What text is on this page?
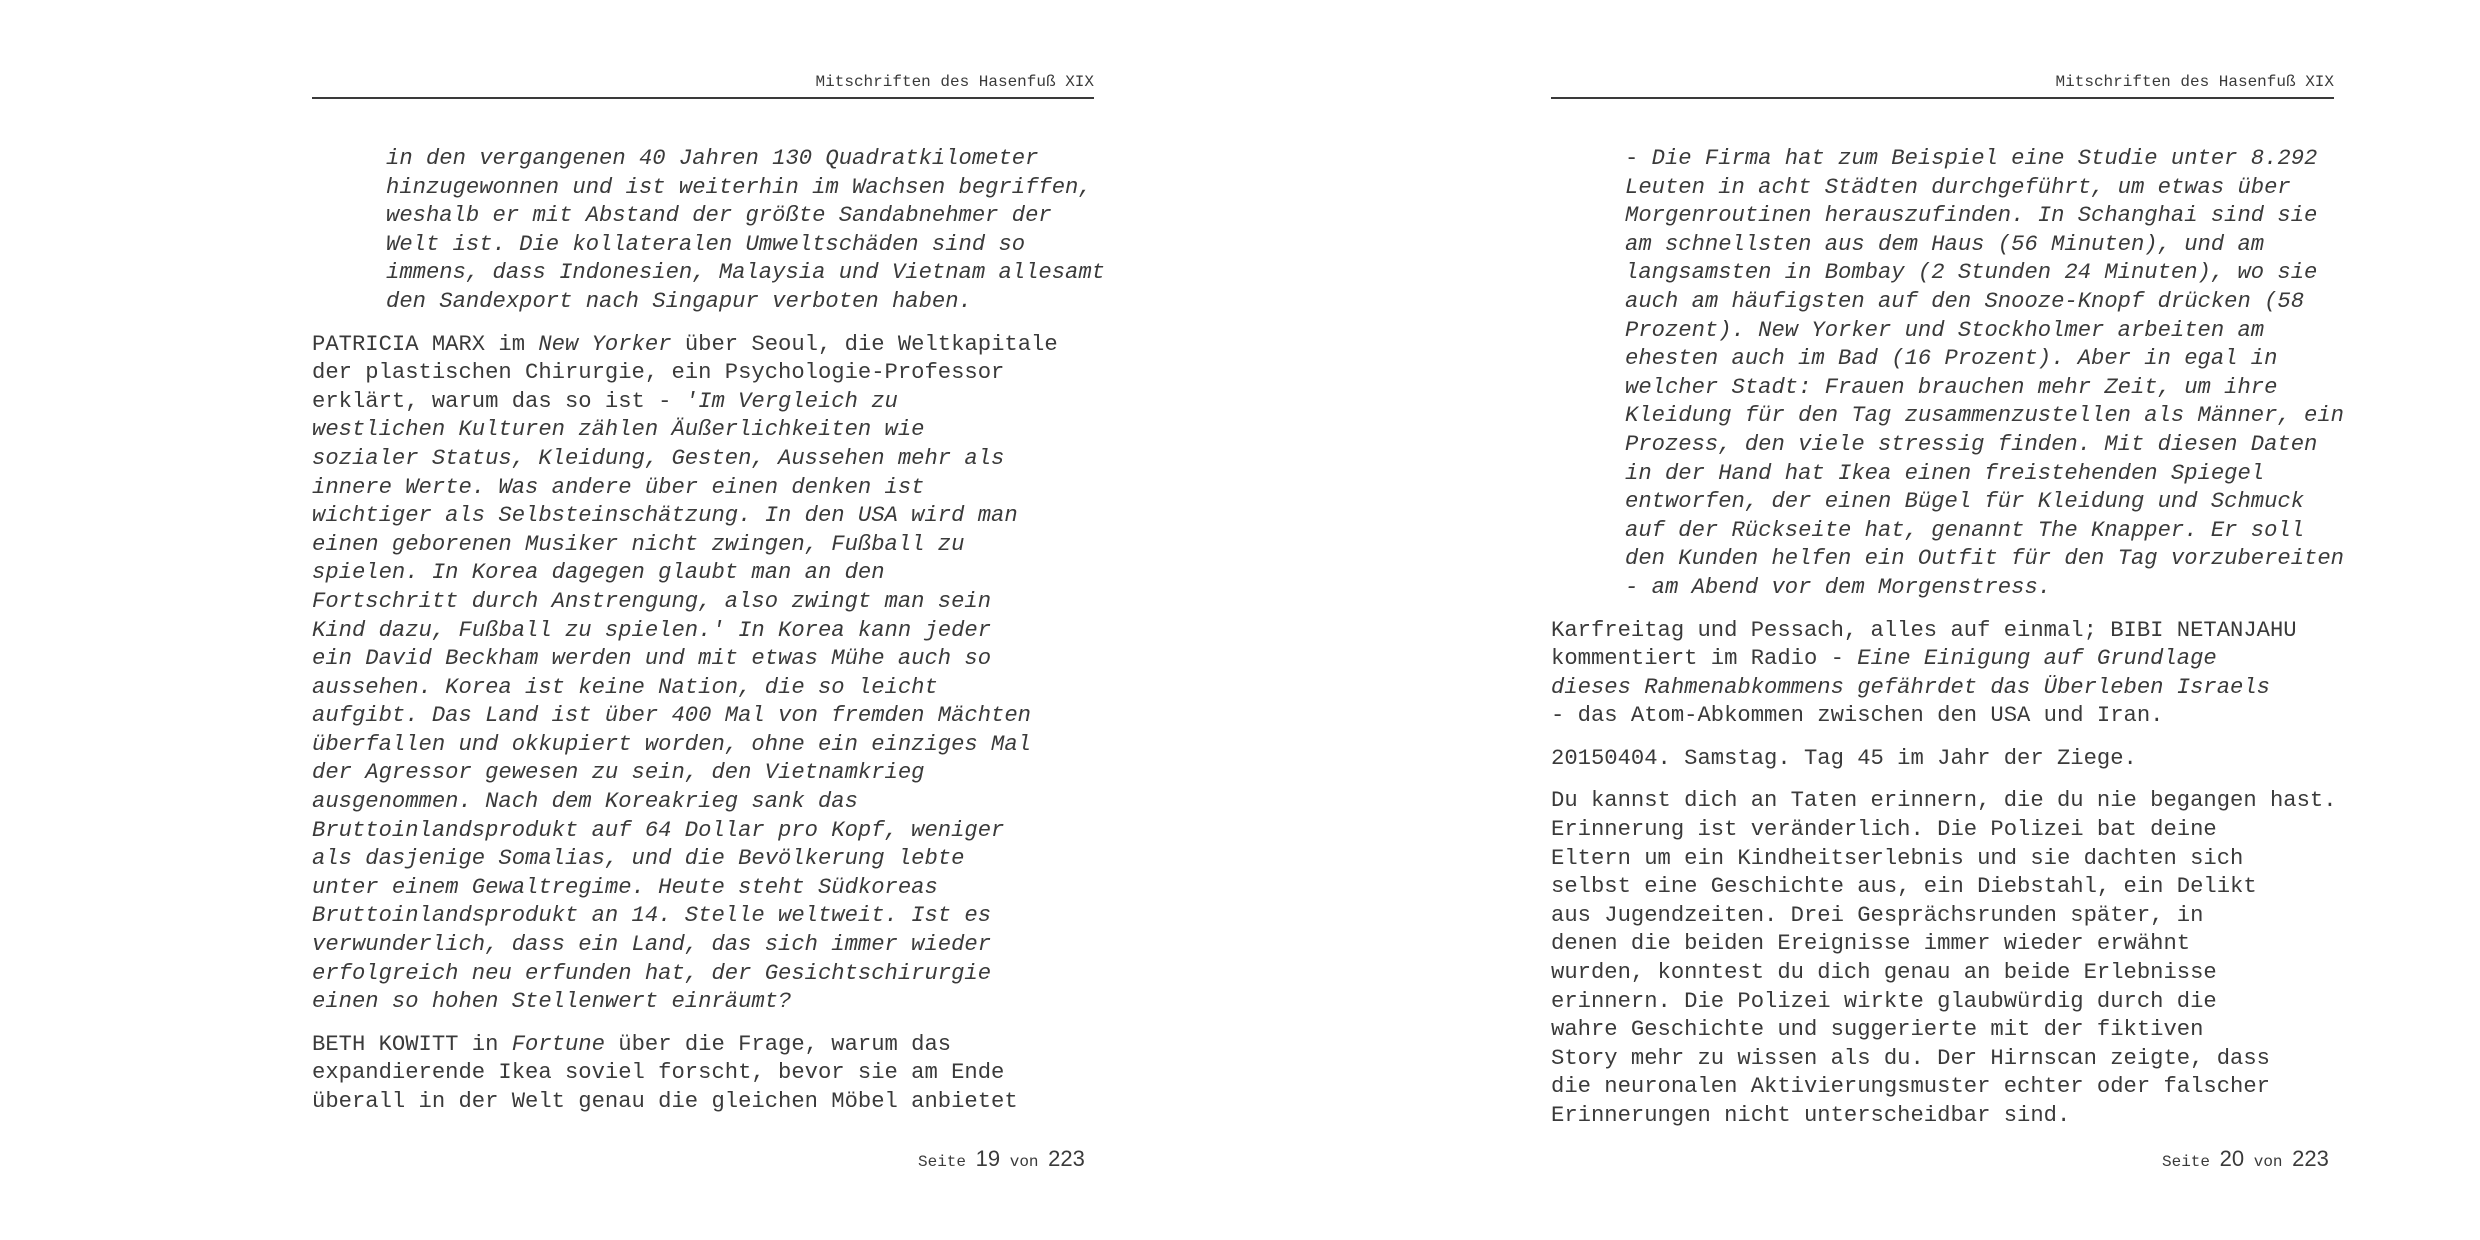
Mitschriften des Hasenfuß XIX
in den vergangenen 40 Jahren 130 Quadratkilometer
hinzugewonnen und ist weiterhin im Wachsen begriffen,
weshalb er mit Abstand der größte Sandabnehmer der
Welt ist. Die kollateralen Umweltschäden sind so
immens, dass Indonesien, Malaysia und Vietnam allesamt
den Sandexport nach Singapur verboten haben.
PATRICIA MARX im New Yorker über Seoul, die Weltkapitale
der plastischen Chirurgie, ein Psychologie-Professor
erklärt, warum das so ist - 'Im Vergleich zu
westlichen Kulturen zählen Äußerlichkeiten wie
sozialer Status, Kleidung, Gesten, Aussehen mehr als
innere Werte. Was andere über einen denken ist
wichtiger als Selbsteinschätzung. In den USA wird man
einen geborenen Musiker nicht zwingen, Fußball zu
spielen. In Korea dagegen glaubt man an den
Fortschritt durch Anstrengung, also zwingt man sein
Kind dazu, Fußball zu spielen.' In Korea kann jeder
ein David Beckham werden und mit etwas Mühe auch so
aussehen. Korea ist keine Nation, die so leicht
aufgibt. Das Land ist über 400 Mal von fremden Mächten
überfallen und okkupiert worden, ohne ein einziges Mal
der Agressor gewesen zu sein, den Vietnamkrieg
ausgenommen. Nach dem Koreakrieg sank das
Bruttoinlandsprodukt auf 64 Dollar pro Kopf, weniger
als dasjenige Somalias, und die Bevölkerung lebte
unter einem Gewaltregime. Heute steht Südkoreas
Bruttoinlandsprodukt an 14. Stelle weltweit. Ist es
verwunderlich, dass ein Land, das sich immer wieder
erfolgreich neu erfunden hat, der Gesichtschirurgie
einen so hohen Stellenwert einräumt?
BETH KOWITT in Fortune über die Frage, warum das
expandierende Ikea soviel forscht, bevor sie am Ende
überall in der Welt genau die gleichen Möbel anbietet
Seite 19 von 223
Mitschriften des Hasenfuß XIX
- Die Firma hat zum Beispiel eine Studie unter 8.292
Leuten in acht Städten durchgeführt, um etwas über
Morgenroutinen herauszufinden. In Schanghai sind sie
am schnellsten aus dem Haus (56 Minuten), und am
langsamsten in Bombay (2 Stunden 24 Minuten), wo sie
auch am häufigsten auf den Snooze-Knopf drücken (58
Prozent). New Yorker und Stockholmer arbeiten am
ehesten auch im Bad (16 Prozent). Aber in egal in
welcher Stadt: Frauen brauchen mehr Zeit, um ihre
Kleidung für den Tag zusammenzustellen als Männer, ein
Prozess, den viele stressig finden. Mit diesen Daten
in der Hand hat Ikea einen freistehenden Spiegel
entworfen, der einen Bügel für Kleidung und Schmuck
auf der Rückseite hat, genannt The Knapper. Er soll
den Kunden helfen ein Outfit für den Tag vorzubereiten
- am Abend vor dem Morgenstress.
Karfreitag und Pessach, alles auf einmal; BIBI NETANJAHU
kommentiert im Radio - Eine Einigung auf Grundlage
dieses Rahmenabkommens gefährdet das Überleben Israels
- das Atom-Abkommen zwischen den USA und Iran.
20150404. Samstag. Tag 45 im Jahr der Ziege.
Du kannst dich an Taten erinnern, die du nie begangen hast.
Erinnerung ist veränderlich. Die Polizei bat deine
Eltern um ein Kindheitserlebnis und sie dachten sich
selbst eine Geschichte aus, ein Diebstahl, ein Delikt
aus Jugendzeiten. Drei Gesprächsrunden später, in
denen die beiden Ereignisse immer wieder erwähnt
wurden, konntest du dich genau an beide Erlebnisse
erinnern. Die Polizei wirkte glaubwürdig durch die
wahre Geschichte und suggerierte mit der fiktiven
Story mehr zu wissen als du. Der Hirnscan zeigte, dass
die neuronalen Aktivierungsmuster echter oder falscher
Erinnerungen nicht unterscheidbar sind.
Seite 20 von 223
